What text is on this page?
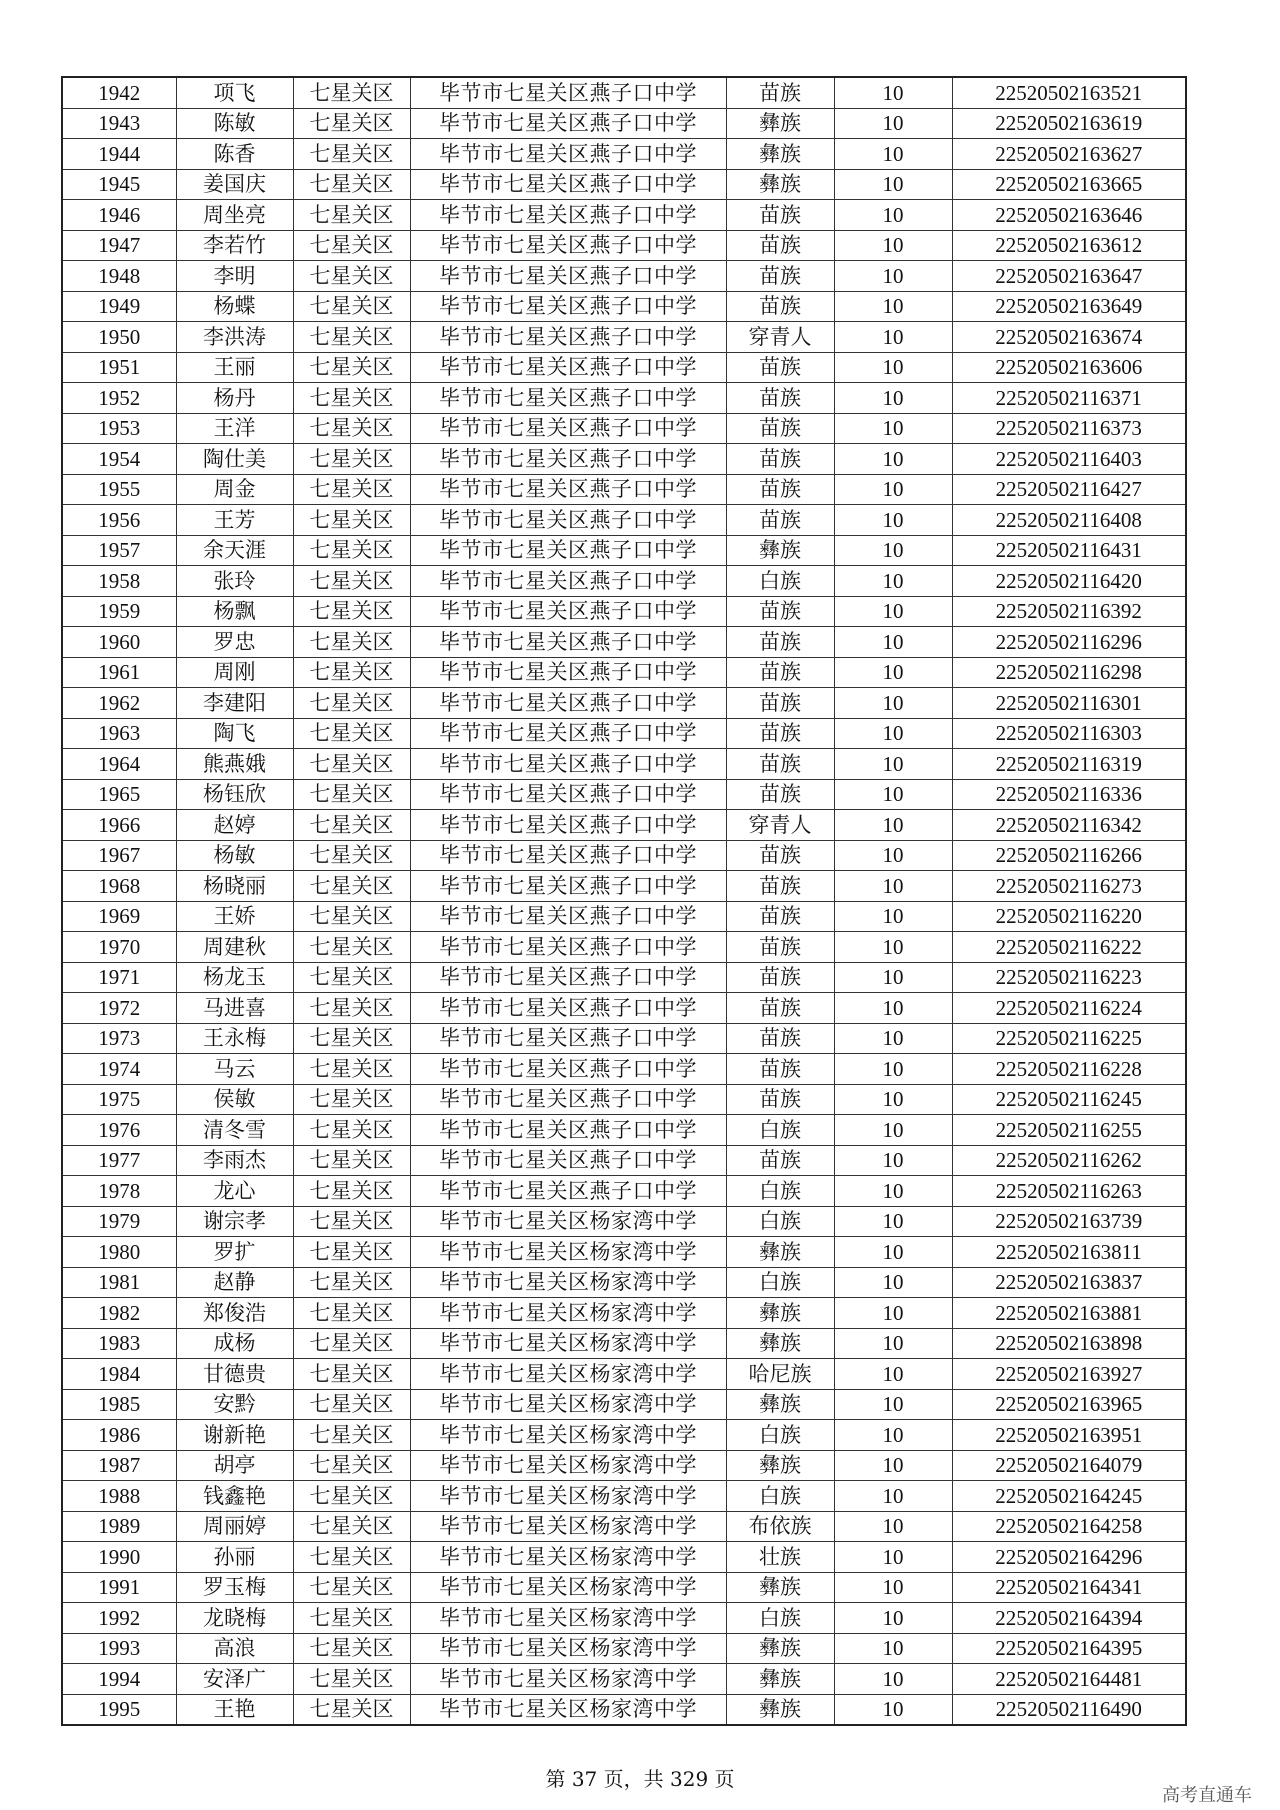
1942	项飞	七星关区	毕节市七星关区燕子口中学	苗族	10	22520502163521
1943	陈敏	七星关区	毕节市七星关区燕子口中学	彝族	10	22520502163619
1944	陈香	七星关区	毕节市七星关区燕子口中学	彝族	10	22520502163627
1945	姜国庆	七星关区	毕节市七星关区燕子口中学	彝族	10	22520502163665
1946	周坐亮	七星关区	毕节市七星关区燕子口中学	苗族	10	22520502163646
1947	李若竹	七星关区	毕节市七星关区燕子口中学	苗族	10	22520502163612
1948	李明	七星关区	毕节市七星关区燕子口中学	苗族	10	22520502163647
1949	杨蝶	七星关区	毕节市七星关区燕子口中学	苗族	10	22520502163649
1950	李洪涛	七星关区	毕节市七星关区燕子口中学	穿青人	10	22520502163674
1951	王丽	七星关区	毕节市七星关区燕子口中学	苗族	10	22520502163606
1952	杨丹	七星关区	毕节市七星关区燕子口中学	苗族	10	22520502116371
1953	王洋	七星关区	毕节市七星关区燕子口中学	苗族	10	22520502116373
1954	陶仕美	七星关区	毕节市七星关区燕子口中学	苗族	10	22520502116403
1955	周金	七星关区	毕节市七星关区燕子口中学	苗族	10	22520502116427
1956	王芳	七星关区	毕节市七星关区燕子口中学	苗族	10	22520502116408
1957	余天涯	七星关区	毕节市七星关区燕子口中学	彝族	10	22520502116431
1958	张玲	七星关区	毕节市七星关区燕子口中学	白族	10	22520502116420
1959	杨飘	七星关区	毕节市七星关区燕子口中学	苗族	10	22520502116392
1960	罗忠	七星关区	毕节市七星关区燕子口中学	苗族	10	22520502116296
1961	周刚	七星关区	毕节市七星关区燕子口中学	苗族	10	22520502116298
1962	李建阳	七星关区	毕节市七星关区燕子口中学	苗族	10	22520502116301
1963	陶飞	七星关区	毕节市七星关区燕子口中学	苗族	10	22520502116303
1964	熊燕娥	七星关区	毕节市七星关区燕子口中学	苗族	10	22520502116319
1965	杨钰欣	七星关区	毕节市七星关区燕子口中学	苗族	10	22520502116336
1966	赵婷	七星关区	毕节市七星关区燕子口中学	穿青人	10	22520502116342
1967	杨敏	七星关区	毕节市七星关区燕子口中学	苗族	10	22520502116266
1968	杨晓丽	七星关区	毕节市七星关区燕子口中学	苗族	10	22520502116273
1969	王娇	七星关区	毕节市七星关区燕子口中学	苗族	10	22520502116220
1970	周建秋	七星关区	毕节市七星关区燕子口中学	苗族	10	22520502116222
1971	杨龙玉	七星关区	毕节市七星关区燕子口中学	苗族	10	22520502116223
1972	马进喜	七星关区	毕节市七星关区燕子口中学	苗族	10	22520502116224
1973	王永梅	七星关区	毕节市七星关区燕子口中学	苗族	10	22520502116225
1974	马云	七星关区	毕节市七星关区燕子口中学	苗族	10	22520502116228
1975	侯敏	七星关区	毕节市七星关区燕子口中学	苗族	10	22520502116245
1976	清冬雪	七星关区	毕节市七星关区燕子口中学	白族	10	22520502116255
1977	李雨杰	七星关区	毕节市七星关区燕子口中学	苗族	10	22520502116262
1978	龙心	七星关区	毕节市七星关区燕子口中学	白族	10	22520502116263
1979	谢宗孝	七星关区	毕节市七星关区杨家湾中学	白族	10	22520502163739
1980	罗扩	七星关区	毕节市七星关区杨家湾中学	彝族	10	22520502163811
1981	赵静	七星关区	毕节市七星关区杨家湾中学	白族	10	22520502163837
1982	郑俊浩	七星关区	毕节市七星关区杨家湾中学	彝族	10	22520502163881
1983	成杨	七星关区	毕节市七星关区杨家湾中学	彝族	10	22520502163898
1984	甘德贵	七星关区	毕节市七星关区杨家湾中学	哈尼族	10	22520502163927
1985	安黔	七星关区	毕节市七星关区杨家湾中学	彝族	10	22520502163965
1986	谢新艳	七星关区	毕节市七星关区杨家湾中学	白族	10	22520502163951
1987	胡亭	七星关区	毕节市七星关区杨家湾中学	彝族	10	22520502164079
1988	钱鑫艳	七星关区	毕节市七星关区杨家湾中学	白族	10	22520502164245
1989	周丽婷	七星关区	毕节市七星关区杨家湾中学	布依族	10	22520502164258
1990	孙丽	七星关区	毕节市七星关区杨家湾中学	壮族	10	22520502164296
1991	罗玉梅	七星关区	毕节市七星关区杨家湾中学	彝族	10	22520502164341
1992	龙晓梅	七星关区	毕节市七星关区杨家湾中学	白族	10	22520502164394
1993	高浪	七星关区	毕节市七星关区杨家湾中学	彝族	10	22520502164395
1994	安泽广	七星关区	毕节市七星关区杨家湾中学	彝族	10	22520502164481
1995	王艳	七星关区	毕节市七星关区杨家湾中学	彝族	10	22520502116490
第 37 页，共 329 页
高考直通车
